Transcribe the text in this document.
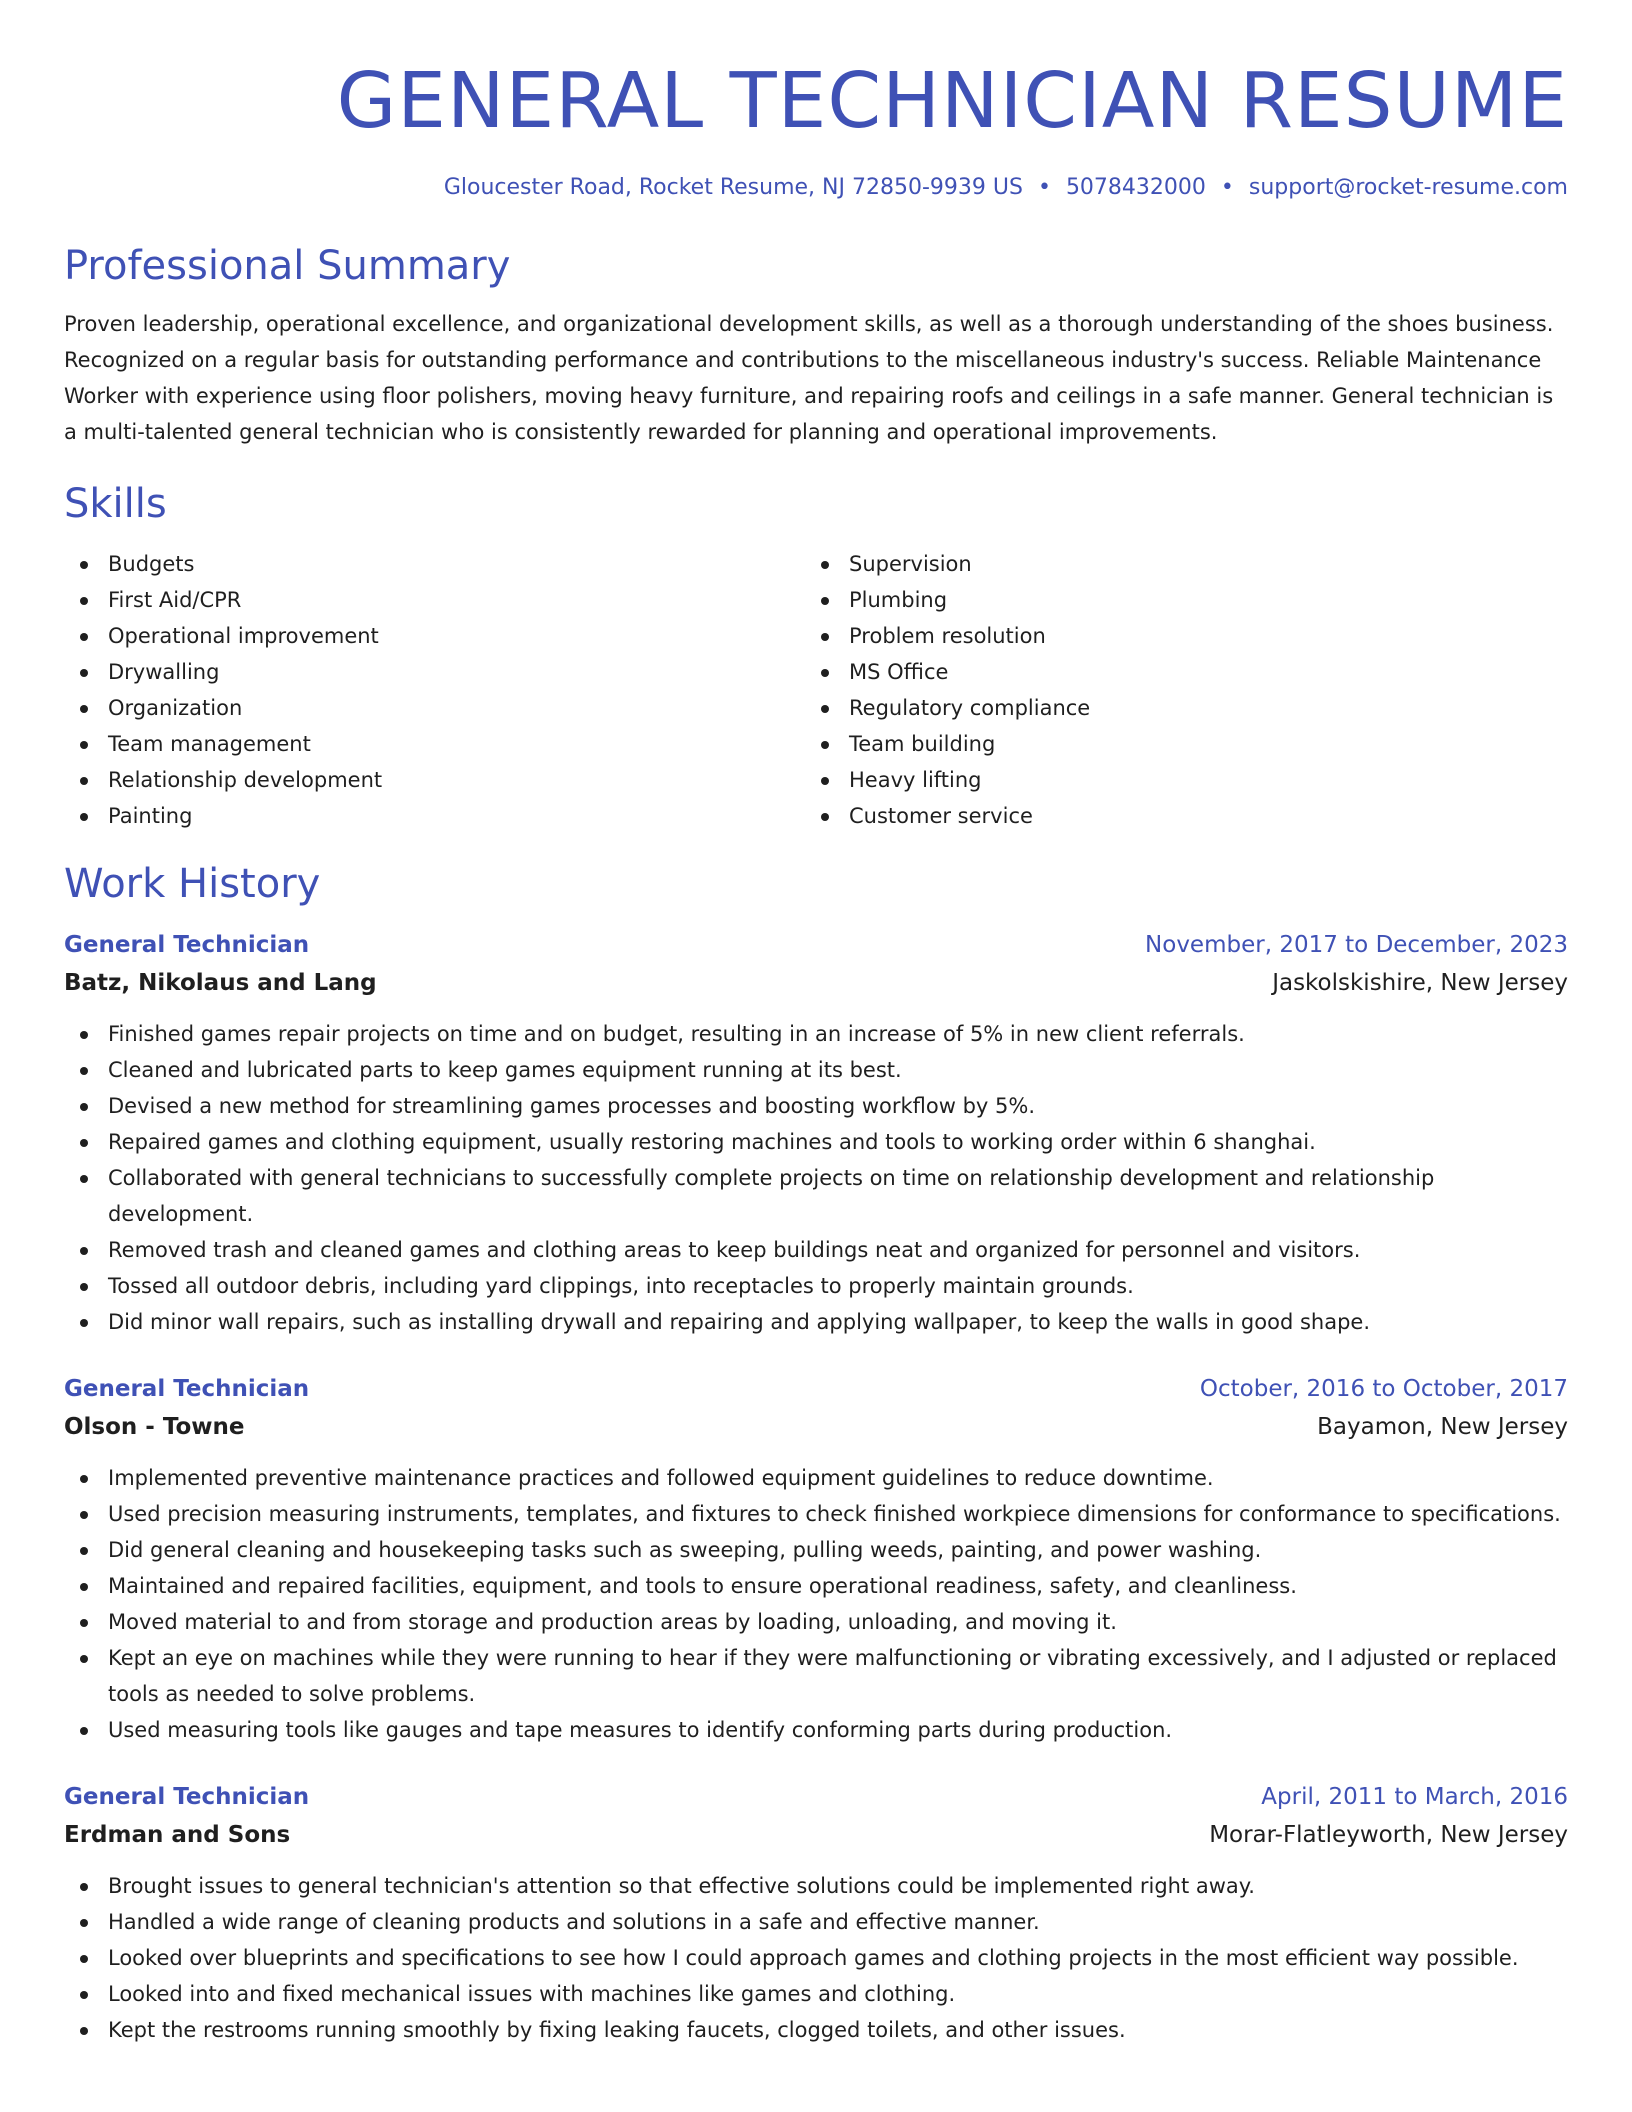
GENERAL TECHNICIAN RESUME
Gloucester Road, Rocket Resume, NJ 72850-9939 US • 5078432000 • support@rocket-resume.com
Professional Summary

Proven leadership, operational excellence, and organizational development skills, as well as a thorough understanding of the shoes business. Recognized on a regular basis for outstanding performance and contributions to the miscellaneous industry's success. Reliable Maintenance Worker with experience using floor polishers, moving heavy furniture, and repairing roofs and ceilings in a safe manner. General technician is a multi-talented general technician who is consistently rewarded for planning and operational improvements.

Skills
Budgets
First Aid/CPR
Operational improvement
Drywalling
Organization
Team management
Relationship development
Painting
Supervision
Plumbing
Problem resolution
MS Office
Regulatory compliance
Team building
Heavy lifting
Customer service
Work History
General Technician	November, 2017 to December, 2023
Batz, Nikolaus and Lang	Jaskolskishire, New Jersey
Finished games repair projects on time and on budget, resulting in an increase of 5% in new client referrals.
Cleaned and lubricated parts to keep games equipment running at its best.
Devised a new method for streamlining games processes and boosting workflow by 5%.
Repaired games and clothing equipment, usually restoring machines and tools to working order within 6 shanghai.
Collaborated with general technicians to successfully complete projects on time on relationship development and relationship development.
Removed trash and cleaned games and clothing areas to keep buildings neat and organized for personnel and visitors.
Tossed all outdoor debris, including yard clippings, into receptacles to properly maintain grounds.
Did minor wall repairs, such as installing drywall and repairing and applying wallpaper, to keep the walls in good shape.
General Technician	October, 2016 to October, 2017
Olson - Towne	Bayamon, New Jersey
Implemented preventive maintenance practices and followed equipment guidelines to reduce downtime.
Used precision measuring instruments, templates, and fixtures to check finished workpiece dimensions for conformance to specifications.
Did general cleaning and housekeeping tasks such as sweeping, pulling weeds, painting, and power washing.
Maintained and repaired facilities, equipment, and tools to ensure operational readiness, safety, and cleanliness.
Moved material to and from storage and production areas by loading, unloading, and moving it.
Kept an eye on machines while they were running to hear if they were malfunctioning or vibrating excessively, and I adjusted or replaced tools as needed to solve problems.
Used measuring tools like gauges and tape measures to identify conforming parts during production.
General Technician	April, 2011 to March, 2016
Erdman and Sons	Morar-Flatleyworth, New Jersey
Brought issues to general technician's attention so that effective solutions could be implemented right away.
Handled a wide range of cleaning products and solutions in a safe and effective manner.
Looked over blueprints and specifications to see how I could approach games and clothing projects in the most efficient way possible.
Looked into and fixed mechanical issues with machines like games and clothing.
Kept the restrooms running smoothly by fixing leaking faucets, clogged toilets, and other issues.
